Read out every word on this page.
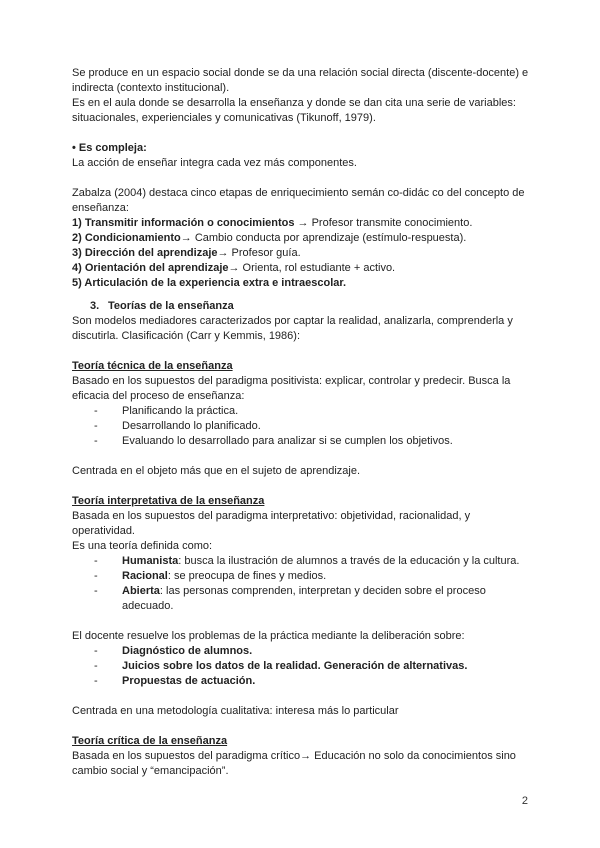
Se produce en un espacio social donde se da una relación social directa (discente-docente) e indirecta (contexto institucional).

Es en el aula donde se desarrolla la enseñanza y donde se dan cita una serie de variables: situacionales, experienciales y comunicativas (Tikunoff, 1979).

• Es compleja:

La acción de enseñar integra cada vez más componentes.

Zabalza (2004) destaca cinco etapas de enriquecimiento semán co-didác co del concepto de enseñanza:

1) Transmitir información o conocimientos → Profesor transmite conocimiento.

2) Condicionamiento→ Cambio conducta por aprendizaje (estímulo-respuesta).

3) Dirección del aprendizaje→ Profesor guía.

4) Orientación del aprendizaje→ Orienta, rol estudiante + activo.

5) Articulación de la experiencia extra e intraescolar.

3. Teorías de la enseñanza

Son modelos mediadores caracterizados por captar la realidad, analizarla, comprenderla y discutirla. Clasificación (Carr y Kemmis, 1986):

Teoría técnica de la enseñanza

Basado en los supuestos del paradigma positivista: explicar, controlar y predecir. Busca la eficacia del proceso de enseñanza:

-	Planificando la práctica.
-	Desarrollando lo planificado.
-	Evaluando lo desarrollado para analizar si se cumplen los objetivos.

Centrada en el objeto más que en el sujeto de aprendizaje.

Teoría interpretativa de la enseñanza

Basada en los supuestos del paradigma interpretativo: objetividad, racionalidad, y operatividad.

Es una teoría definida como:

-	Humanista: busca la ilustración de alumnos a través de la educación y la cultura.
-	Racional: se preocupa de fines y medios.
-	Abierta: las personas comprenden, interpretan y deciden sobre el proceso adecuado.

El docente resuelve los problemas de la práctica mediante la deliberación sobre:

-	Diagnóstico de alumnos.
-	Juicios sobre los datos de la realidad. Generación de alternativas.
-	Propuestas de actuación.

Centrada en una metodología cualitativa: interesa más lo particular

Teoría crítica de la enseñanza

Basada en los supuestos del paradigma crítico→ Educación no solo da conocimientos sino cambio social y “emancipación”.

2
